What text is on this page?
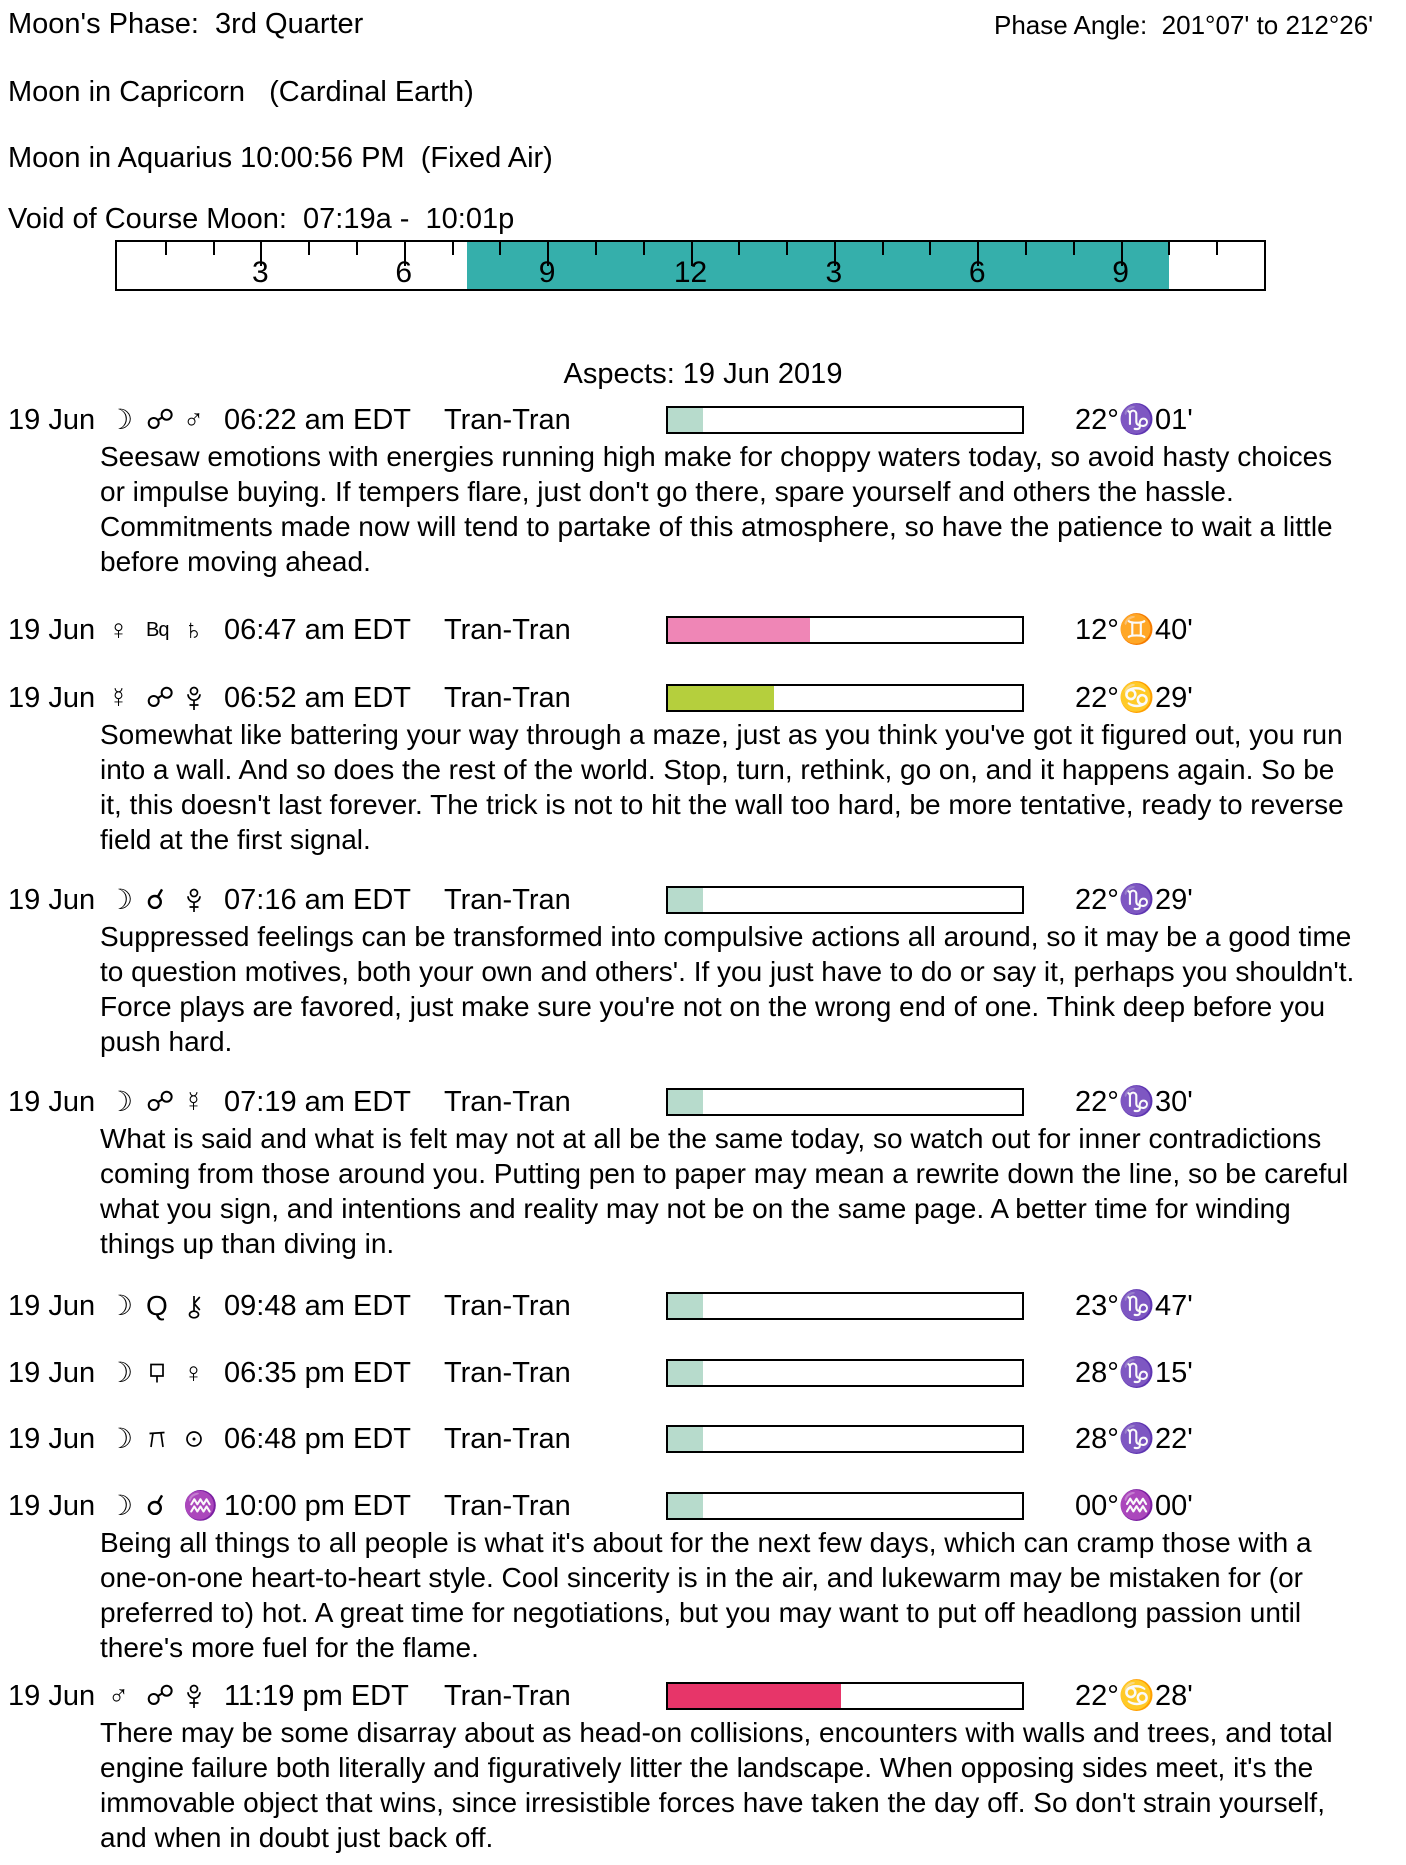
Moon's Phase:  3rd Quarter	Phase Angle:  201°07' to 212°26'
Moon in Capricorn   (Cardinal Earth)
Moon in Aquarius 10:00:56 PM  (Fixed Air)
Void of Course Moon:  07:19a -  10:01p
3	6	9	12	3	6	9
Aspects: 19 Jun 2019
19 Jun ☽ ☍ ♂ 06:22 am EDT Tran-Tran	22°♑01'
Seesaw emotions with energies running high make for choppy waters today, so avoid hasty choices or impulse buying. If tempers flare, just don't go there, spare yourself and others the hassle. Commitments made now will tend to partake of this atmosphere, so have the patience to wait a little before moving ahead.
19 Jun ♀ Bq ♄ 06:47 am EDT Tran-Tran	12°♊40'
19 Jun ☿ ☍ 06:52 am EDT Tran-Tran	22°♋29'
Somewhat like battering your way through a maze, just as you think you've got it figured out, you run into a wall. And so does the rest of the world. Stop, turn, rethink, go on, and it happens again. So be it, this doesn't last forever. The trick is not to hit the wall too hard, be more tentative, ready to reverse field at the first signal.
19 Jun ☽ ☌ 07:16 am EDT Tran-Tran	22°♑29'
Suppressed feelings can be transformed into compulsive actions all around, so it may be a good time to question motives, both your own and others'. If you just have to do or say it, perhaps you shouldn't. Force plays are favored, just make sure you're not on the wrong end of one. Think deep before you push hard.
19 Jun ☽ ☍ ☿ 07:19 am EDT Tran-Tran	22°♑30'
What is said and what is felt may not at all be the same today, so watch out for inner contradictions coming from those around you. Putting pen to paper may mean a rewrite down the line, so be careful what you sign, and intentions and reality may not be on the same page. A better time for winding things up than diving in.
19 Jun ☽ Q 09:48 am EDT Tran-Tran	23°♑47'
19 Jun ☽ ♀ 06:35 pm EDT Tran-Tran	28°♑15'
19 Jun ☽	06:48 pm EDT Tran-Tran	28°♑22'
19 Jun ☽ ☌ ♒ 10:00 pm EDT Tran-Tran	00°♒00'
Being all things to all people is what it's about for the next few days, which can cramp those with a one-on-one heart-to-heart style. Cool sincerity is in the air, and lukewarm may be mistaken for (or preferred to) hot. A great time for negotiations, but you may want to put off headlong passion until there's more fuel for the flame.
19 Jun ♂ ☍ 11:19 pm EDT Tran-Tran	22°♋28'
There may be some disarray about as head-on collisions, encounters with walls and trees, and total engine failure both literally and figuratively litter the landscape. When opposing sides meet, it's the immovable object that wins, since irresistible forces have taken the day off. So don't strain yourself, and when in doubt just back off.
